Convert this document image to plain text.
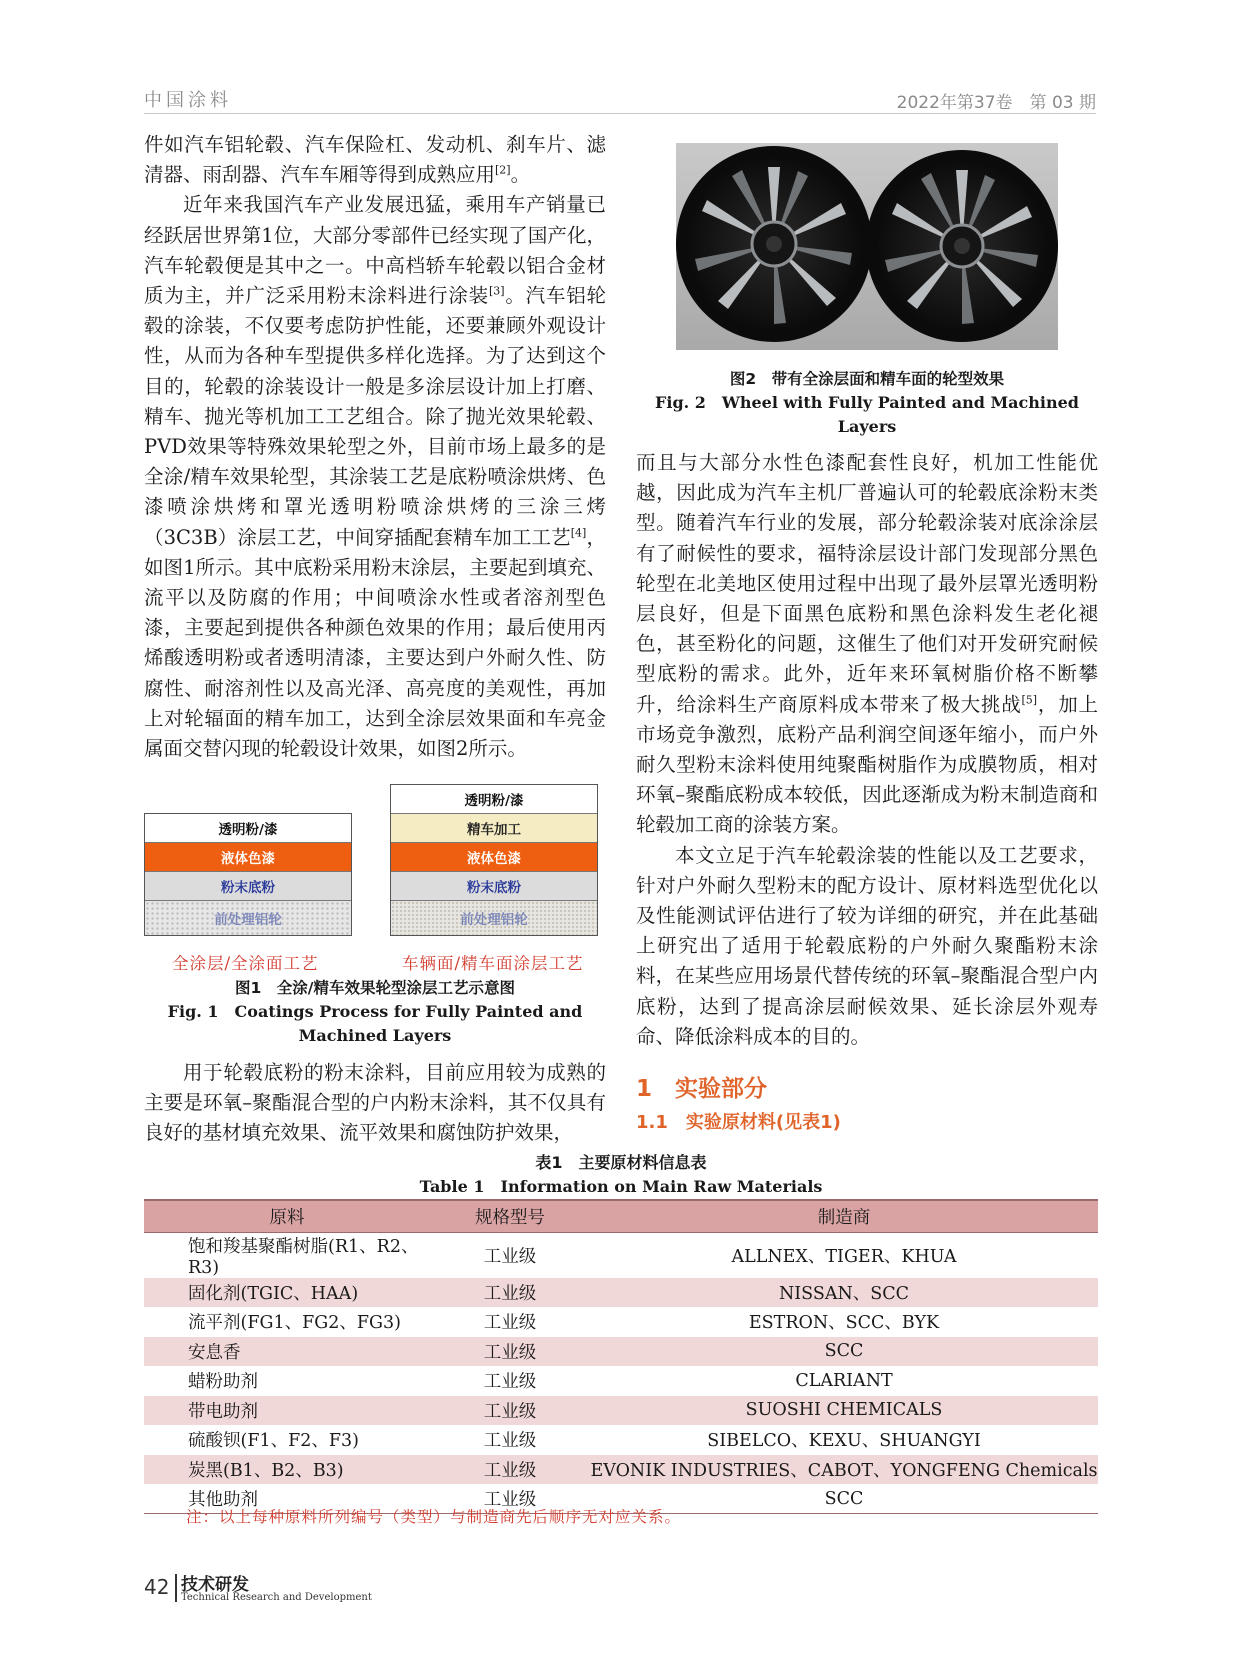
中国涂料	2022年第37卷　第 03 期

件如汽车铝轮毂、汽车保险杠、发动机、刹车片、滤清器、雨刮器、汽车车厢等得到成熟应用[2]。

近年来我国汽车产业发展迅猛，乘用车产销量已经跃居世界第1位，大部分零部件已经实现了国产化，汽车轮毂便是其中之一。中高档轿车轮毂以铝合金材质为主，并广泛采用粉末涂料进行涂装[3]。汽车铝轮毂的涂装，不仅要考虑防护性能，还要兼顾外观设计性，从而为各种车型提供多样化选择。为了达到这个目的，轮毂的涂装设计一般是多涂层设计加上打磨、精车、抛光等机加工工艺组合。除了抛光效果轮毂、PVD效果等特殊效果轮型之外，目前市场上最多的是全涂/精车效果轮型，其涂装工艺是底粉喷涂烘烤、色漆喷涂烘烤和罩光透明粉喷涂烘烤的三涂三烤（3C3B）涂层工艺，中间穿插配套精车加工工艺[4]，如图1所示。其中底粉采用粉末涂层，主要起到填充、流平以及防腐的作用；中间喷涂水性或者溶剂型色漆，主要起到提供各种颜色效果的作用；最后使用丙烯酸透明粉或者透明清漆，主要达到户外耐久性、防腐性、耐溶剂性以及高光泽、高亮度的美观性，再加上对轮辐面的精车加工，达到全涂层效果面和车亮金属面交替闪现的轮毂设计效果，如图2所示。

透明粉/漆
液体色漆
粉末底粉
前处理铝轮
透明粉/漆
精车加工
液体色漆
粉末底粉
前处理铝轮
全涂层/全涂面工艺	车辆面/精车面涂层工艺
图1　全涂/精车效果轮型涂层工艺示意图
Fig. 1　Coatings Process for Fully Painted and Machined Layers

用于轮毂底粉的粉末涂料，目前应用较为成熟的主要是环氧–聚酯混合型的户内粉末涂料，其不仅具有良好的基材填充效果、流平效果和腐蚀防护效果，

图2　带有全涂层面和精车面的轮型效果
Fig. 2　Wheel with Fully Painted and Machined Layers

而且与大部分水性色漆配套性良好，机加工性能优越，因此成为汽车主机厂普遍认可的轮毂底涂粉末类型。随着汽车行业的发展，部分轮毂涂装对底涂涂层有了耐候性的要求，福特涂层设计部门发现部分黑色轮型在北美地区使用过程中出现了最外层罩光透明粉层良好，但是下面黑色底粉和黑色涂料发生老化褪色，甚至粉化的问题，这催生了他们对开发研究耐候型底粉的需求。此外，近年来环氧树脂价格不断攀升，给涂料生产商原料成本带来了极大挑战[5]，加上市场竞争激烈，底粉产品利润空间逐年缩小，而户外耐久型粉末涂料使用纯聚酯树脂作为成膜物质，相对环氧–聚酯底粉成本较低，因此逐渐成为粉末制造商和轮毂加工商的涂装方案。

本文立足于汽车轮毂涂装的性能以及工艺要求，针对户外耐久型粉末的配方设计、原材料选型优化以及性能测试评估进行了较为详细的研究，并在此基础上研究出了适用于轮毂底粉的户外耐久聚酯粉末涂料，在某些应用场景代替传统的环氧–聚酯混合型户内底粉，达到了提高涂层耐候效果、延长涂层外观寿命、降低涂料成本的目的。

1　实验部分
1.1　实验原材料(见表1)
表1　主要原材料信息表
Table 1　Information on Main Raw Materials
原料	规格型号	制造商
饱和羧基聚酯树脂(R1、R2、R3)	工业级	ALLNEX、TIGER、KHUA
固化剂(TGIC、HAA)	工业级	NISSAN、SCC
流平剂(FG1、FG2、FG3)	工业级	ESTRON、SCC、BYK
安息香	工业级	SCC
蜡粉助剂	工业级	CLARIANT
带电助剂	工业级	SUOSHI CHEMICALS
硫酸钡(F1、F2、F3)	工业级	SIBELCO、KEXU、SHUANGYI
炭黑(B1、B2、B3)	工业级	EVONIK INDUSTRIES、CABOT、YONGFENG Chemicals
其他助剂	工业级	SCC
注：以上每种原料所列编号（类型）与制造商先后顺序无对应关系。
42 技术研发
Technical Research and Development
